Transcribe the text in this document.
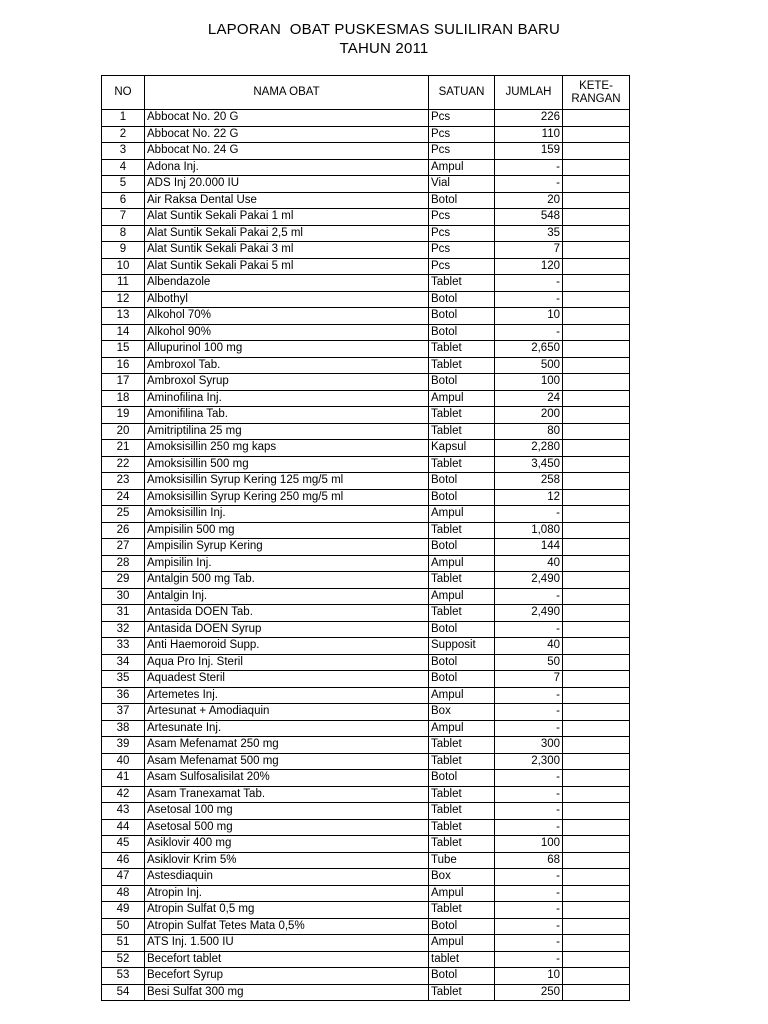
LAPORAN  OBAT PUSKESMAS SULILIRAN BARU
TAHUN 2011
NO	NAMA OBAT	SATUAN	JUMLAH	KETE-
RANGAN
1	Abbocat No. 20 G	Pcs	226	
2	Abbocat No. 22 G	Pcs	110	
3	Abbocat No. 24 G	Pcs	159	
4	Adona Inj.	Ampul	-	
5	ADS Inj 20.000 IU	Vial	-	
6	Air Raksa Dental Use	Botol	20	
7	Alat Suntik Sekali Pakai 1 ml	Pcs	548	
8	Alat Suntik Sekali Pakai 2,5 ml	Pcs	35	
9	Alat Suntik Sekali Pakai 3 ml	Pcs	7	
10	Alat Suntik Sekali Pakai 5 ml	Pcs	120	
11	Albendazole	Tablet	-	
12	Albothyl	Botol	-	
13	Alkohol 70%	Botol	10	
14	Alkohol 90%	Botol	-	
15	Allupurinol 100 mg	Tablet	2,650	
16	Ambroxol Tab.	Tablet	500	
17	Ambroxol Syrup	Botol	100	
18	Aminofilina Inj.	Ampul	24	
19	Amonifilina Tab.	Tablet	200	
20	Amitriptilina 25 mg	Tablet	80	
21	Amoksisillin 250 mg kaps	Kapsul	2,280	
22	Amoksisillin 500 mg	Tablet	3,450	
23	Amoksisillin Syrup Kering 125 mg/5 ml	Botol	258	
24	Amoksisillin Syrup Kering 250 mg/5 ml	Botol	12	
25	Amoksisillin Inj.	Ampul	-	
26	Ampisilin 500 mg	Tablet	1,080	
27	Ampisilin Syrup Kering	Botol	144	
28	Ampisilin Inj.	Ampul	40	
29	Antalgin 500 mg Tab.	Tablet	2,490	
30	Antalgin Inj.	Ampul	-	
31	Antasida DOEN Tab.	Tablet	2,490	
32	Antasida DOEN Syrup	Botol	-	
33	Anti Haemoroid Supp.	Supposit	40	
34	Aqua Pro Inj. Steril	Botol	50	
35	Aquadest Steril	Botol	7	
36	Artemetes Inj.	Ampul	-	
37	Artesunat + Amodiaquin	Box	-	
38	Artesunate Inj.	Ampul	-	
39	Asam Mefenamat 250 mg	Tablet	300	
40	Asam Mefenamat 500 mg	Tablet	2,300	
41	Asam Sulfosalisilat 20%	Botol	-	
42	Asam Tranexamat Tab.	Tablet	-	
43	Asetosal 100 mg	Tablet	-	
44	Asetosal 500 mg	Tablet	-	
45	Asiklovir 400 mg	Tablet	100	
46	Asiklovir Krim 5%	Tube	68	
47	Astesdiaquin	Box	-	
48	Atropin Inj.	Ampul	-	
49	Atropin Sulfat 0,5 mg	Tablet	-	
50	Atropin Sulfat Tetes Mata 0,5%	Botol	-	
51	ATS Inj. 1.500 IU	Ampul	-	
52	Becefort tablet	tablet	-	
53	Becefort Syrup	Botol	10	
54	Besi Sulfat 300 mg	Tablet	250	
